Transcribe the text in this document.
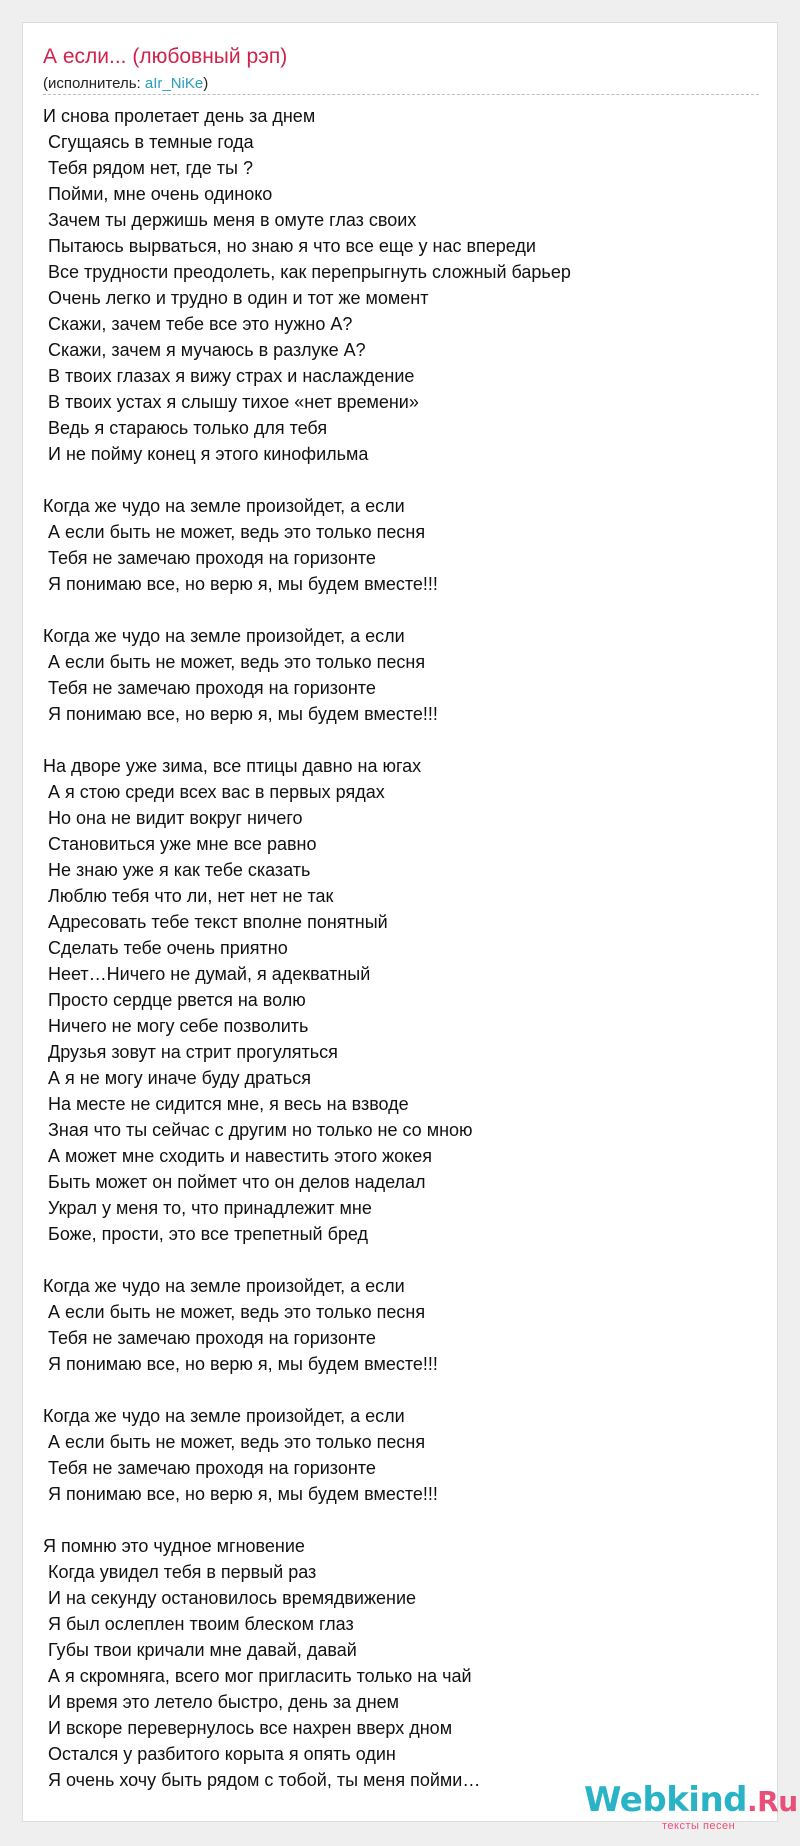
А если... (любовный рэп)
(исполнитель: aIr_NiKe)
И снова пролетает день за днем
Сгущаясь в темные года
Тебя рядом нет, где ты ?
Пойми, мне очень одиноко
Зачем ты держишь меня в омуте глаз своих
Пытаюсь вырваться, но знаю я что все еще у нас впереди
Все трудности преодолеть, как перепрыгнуть сложный барьер
Очень легко и трудно в один и тот же момент
Скажи, зачем тебе все это нужно А?
Скажи, зачем я мучаюсь в разлуке А?
В твоих глазах я вижу страх и наслаждение
В твоих устах я слышу тихое «нет времени»
Ведь я стараюсь только для тебя
И не пойму конец я этого кинофильма
Когда же чудо на земле произойдет, а если
А если быть не может, ведь это только песня
Тебя не замечаю проходя на горизонте
Я понимаю все, но верю я, мы будем вместе!!!
Когда же чудо на земле произойдет, а если
А если быть не может, ведь это только песня
Тебя не замечаю проходя на горизонте
Я понимаю все, но верю я, мы будем вместе!!!
На дворе уже зима, все птицы давно на югах
А я стою среди всех вас в первых рядах
Но она не видит вокруг ничего
Становиться уже мне все равно
Не знаю уже я как тебе сказать
Люблю тебя что ли, нет нет не так
Адресовать тебе текст вполне понятный
Сделать тебе очень приятно
Неет…Ничего не думай, я адекватный
Просто сердце рвется на волю
Ничего не могу себе позволить
Друзья зовут на стрит прогуляться
А я не могу иначе буду драться
На месте не сидится мне, я весь на взводе
Зная что ты сейчас с другим но только не со мною
А может мне сходить и навестить этого жокея
Быть может он поймет что он делов наделал
Украл у меня то, что принадлежит мне
Боже, прости, это все трепетный бред
Когда же чудо на земле произойдет, а если
А если быть не может, ведь это только песня
Тебя не замечаю проходя на горизонте
Я понимаю все, но верю я, мы будем вместе!!!
Когда же чудо на земле произойдет, а если
А если быть не может, ведь это только песня
Тебя не замечаю проходя на горизонте
Я понимаю все, но верю я, мы будем вместе!!!
Я помню это чудное мгновение
Когда увидел тебя в первый раз
И на секунду остановилось времядвижение
Я был ослеплен твоим блеском глаз
Губы твои кричали мне давай, давай
А я скромняга, всего мог пригласить только на чай
И время это летело быстро, день за днем
И вскоре перевернулось все нахрен вверх дном
Остался у разбитого корыта я опять один
Я очень хочу быть рядом с тобой, ты меня пойми…	Webkind.Ru
тексты песен
